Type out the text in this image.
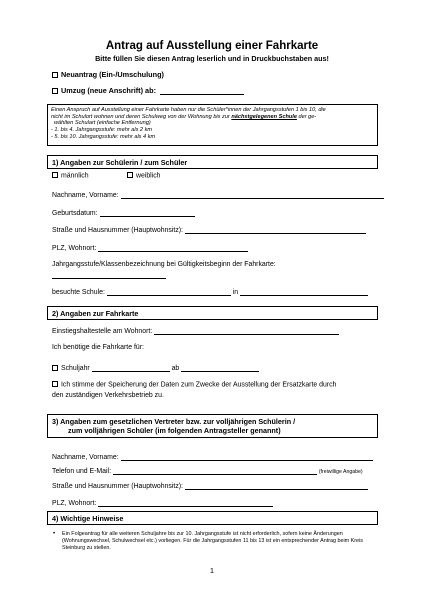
Antrag auf Ausstellung einer Fahrkarte
Bitte füllen Sie diesen Antrag leserlich und in Druckbuchstaben aus!
Neuantrag (Ein-/Umschulung)
Umzug (neue Anschrift) ab:
Einen Anspruch auf Ausstellung einer Fahrkarte haben nur die Schüler*innen der Jahrgangsstufen 1 bis 10, die
nicht im Schulort wohnen und deren Schulweg von der Wohnung bis zur nächstgelegenen Schule der ge-
wählten Schulart (einfache Entfernung)
- 1. bis 4. Jahrgangsstufe: mehr als 2 km
- 5. bis 10. Jahrgangsstufe: mehr als 4 km
1) Angaben zur Schülerin / zum Schüler
männlich	weiblich
Nachname, Vorname:
Geburtsdatum:
Straße und Hausnummer (Hauptwohnsitz):
PLZ, Wohnort:
Jahrgangsstufe/Klassenbezeichnung bei Gültigkeitsbeginn der Fahrkarte:
besuchte Schule:	in
2) Angaben zur Fahrkarte
Einstiegshaltestelle am Wohnort:
Ich benötige die Fahrkarte für:
Schuljahr	ab
Ich stimme der Speicherung der Daten zum Zwecke der Ausstellung der Ersatzkarte durch
den zuständigen Verkehrsbetrieb zu.
3) Angaben zum gesetzlichen Vertreter bzw. zur volljährigen Schülerin /
zum volljährigen Schüler (im folgenden Antragsteller genannt)
Nachname, Vorname:
Telefon und E-Mail:	(freiwillige Angabe)
Straße und Hausnummer (Hauptwohnsitz):
PLZ, Wohnort:
4) Wichtige Hinweise
• Ein Folgeantrag für alle weiteren Schuljahre bis zur 10. Jahrgangsstufe ist nicht erforderlich, sofern keine Änderungen (Wohnungswechsel, Schulwechsel etc.) vorliegen. Für die Jahrgangsstufen 11 bis 13 ist ein entsprechender Antrag beim Kreis Steinburg zu stellen.
1
